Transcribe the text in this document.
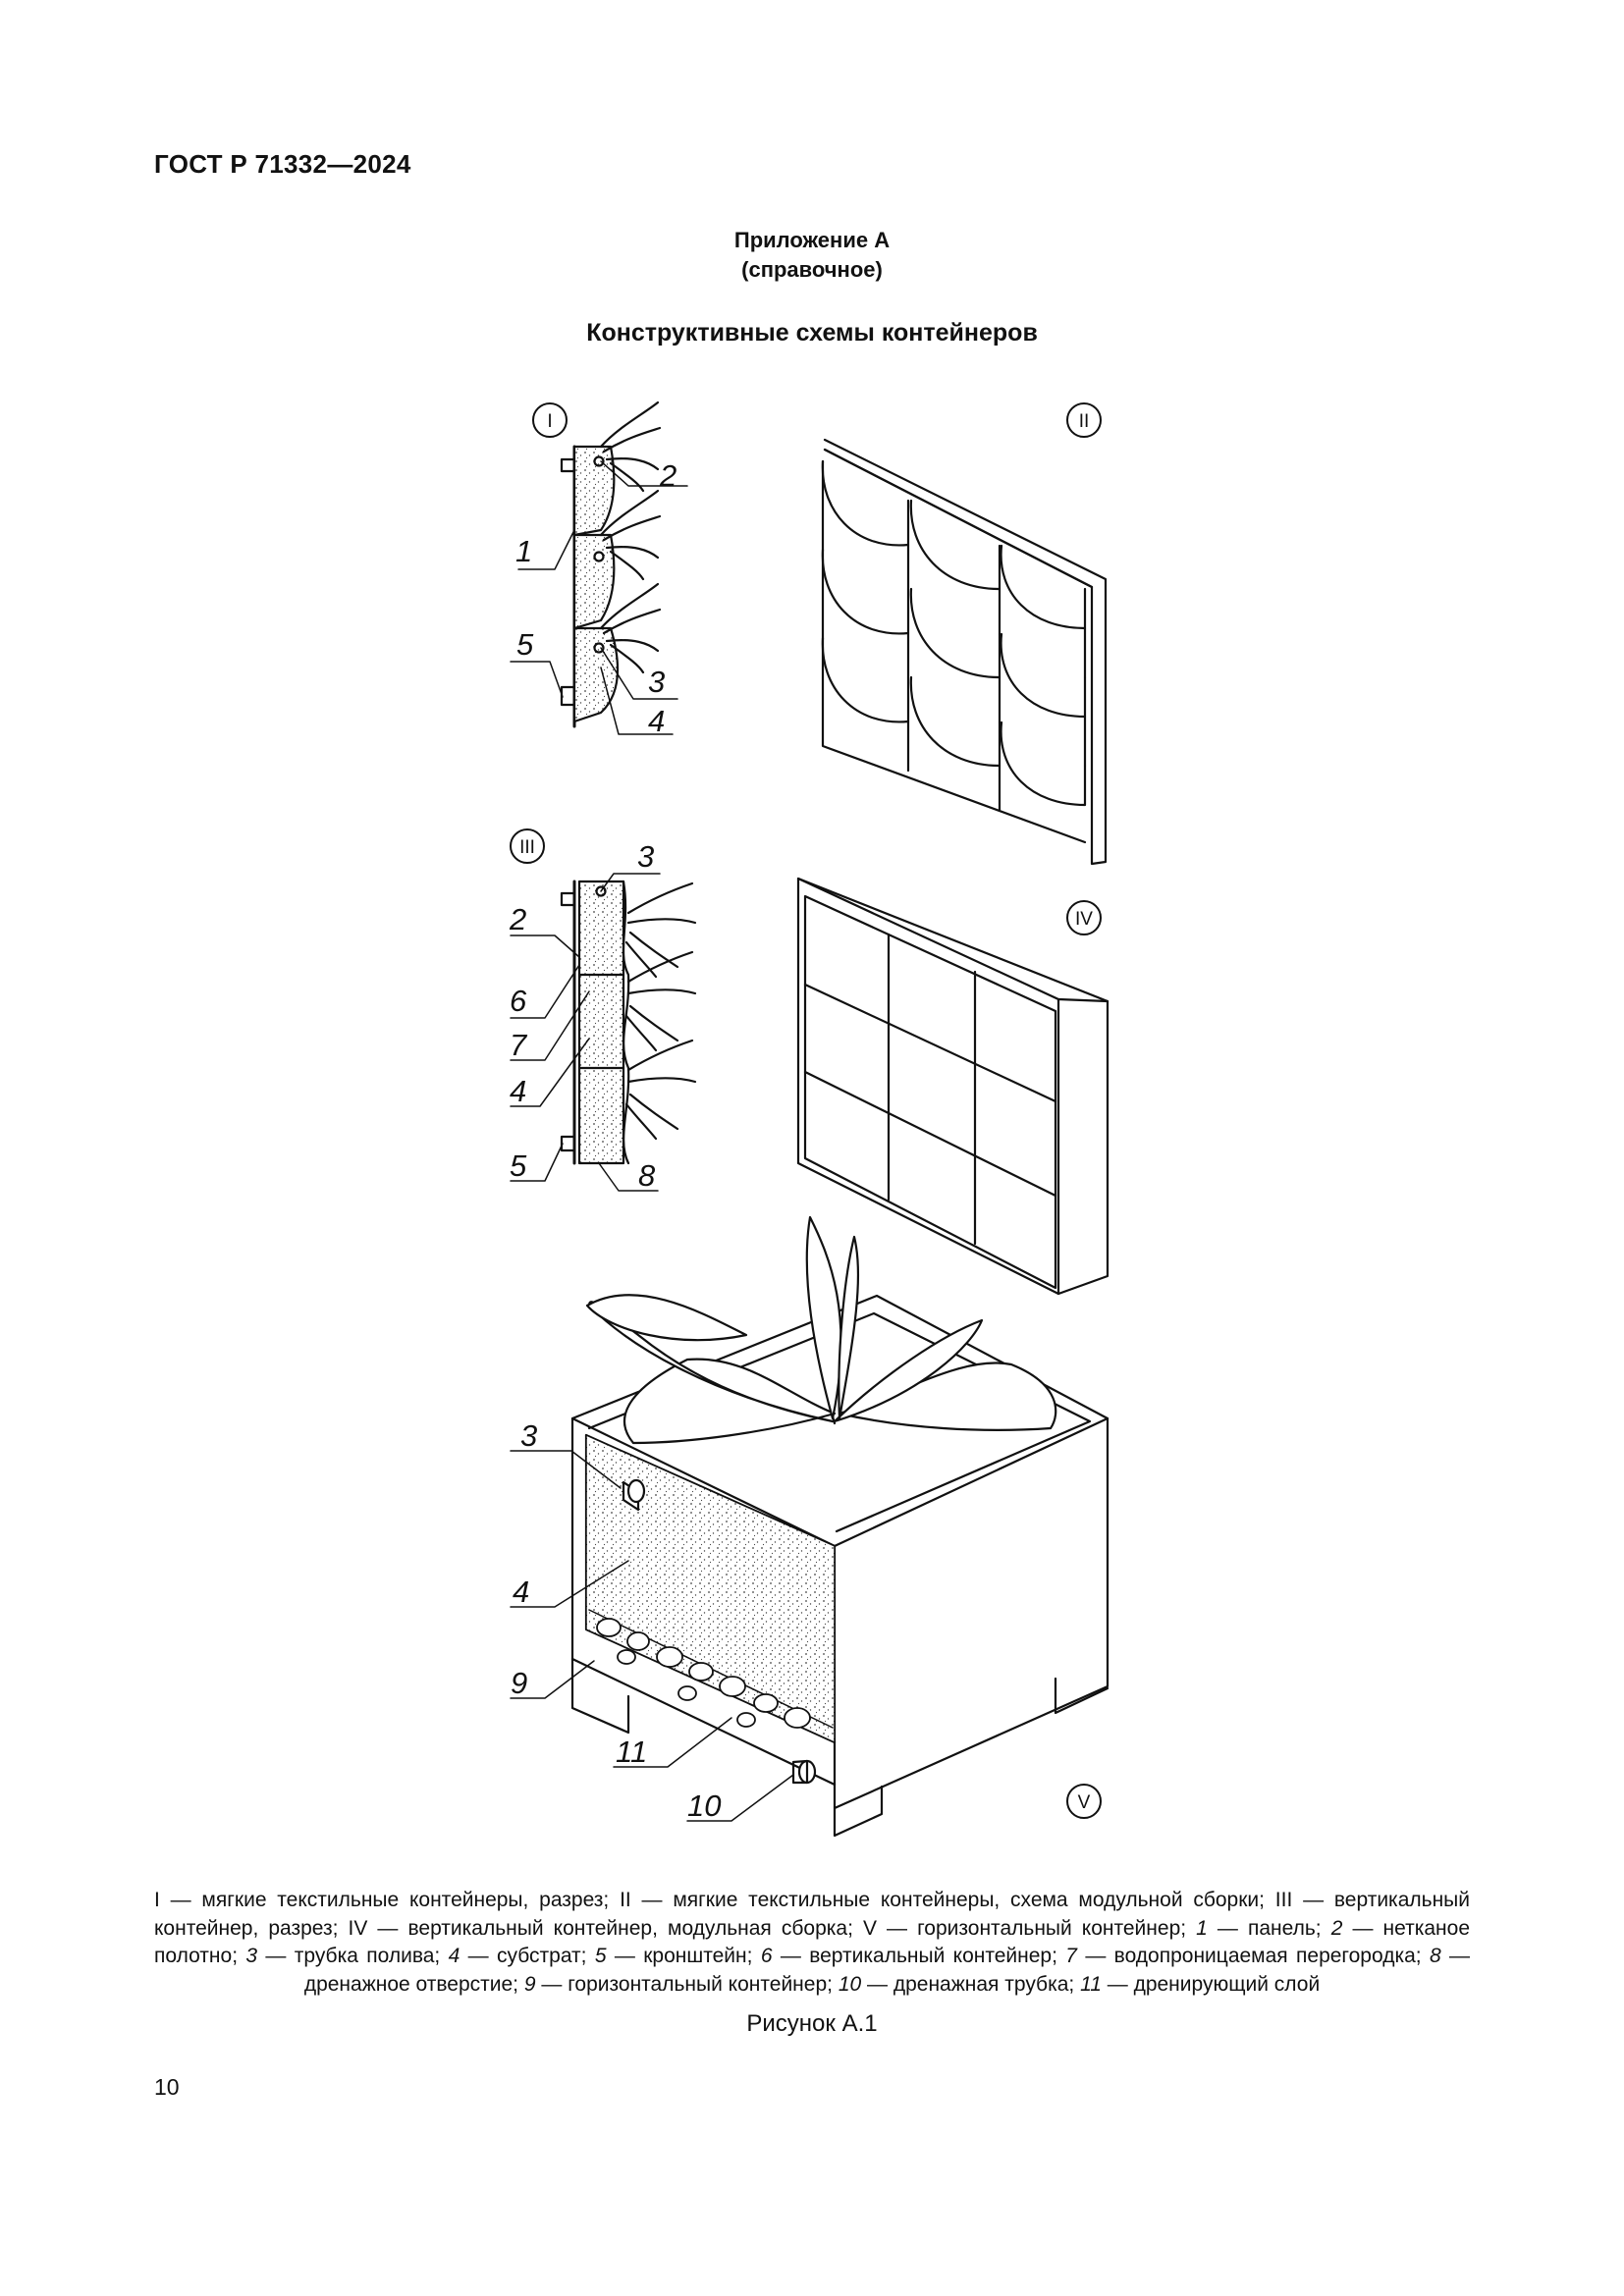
ГОСТ Р 71332—2024
Приложение А
(справочное)
Конструктивные схемы контейнеров
I	II
III
IV
V
1
2
3
4
5
3
2
6
7
4
5	8
3
4
9
11
10
I — мягкие текстильные контейнеры, разрез; II — мягкие текстильные контейнеры, схема модульной сборки; III — вертикальный контейнер, разрез; IV — вертикальный контейнер, модульная сборка; V — горизонтальный контейнер; 1 — панель; 2 — нетканое полотно; 3 — трубка полива; 4 — субстрат; 5 — кронштейн; 6 — вертикальный контейнер; 7 — водопроницаемая перегородка; 8 — дренажное отверстие; 9 — горизонтальный контейнер; 10 — дренажная трубка; 11 — дренирующий слой
Рисунок А.1
10
